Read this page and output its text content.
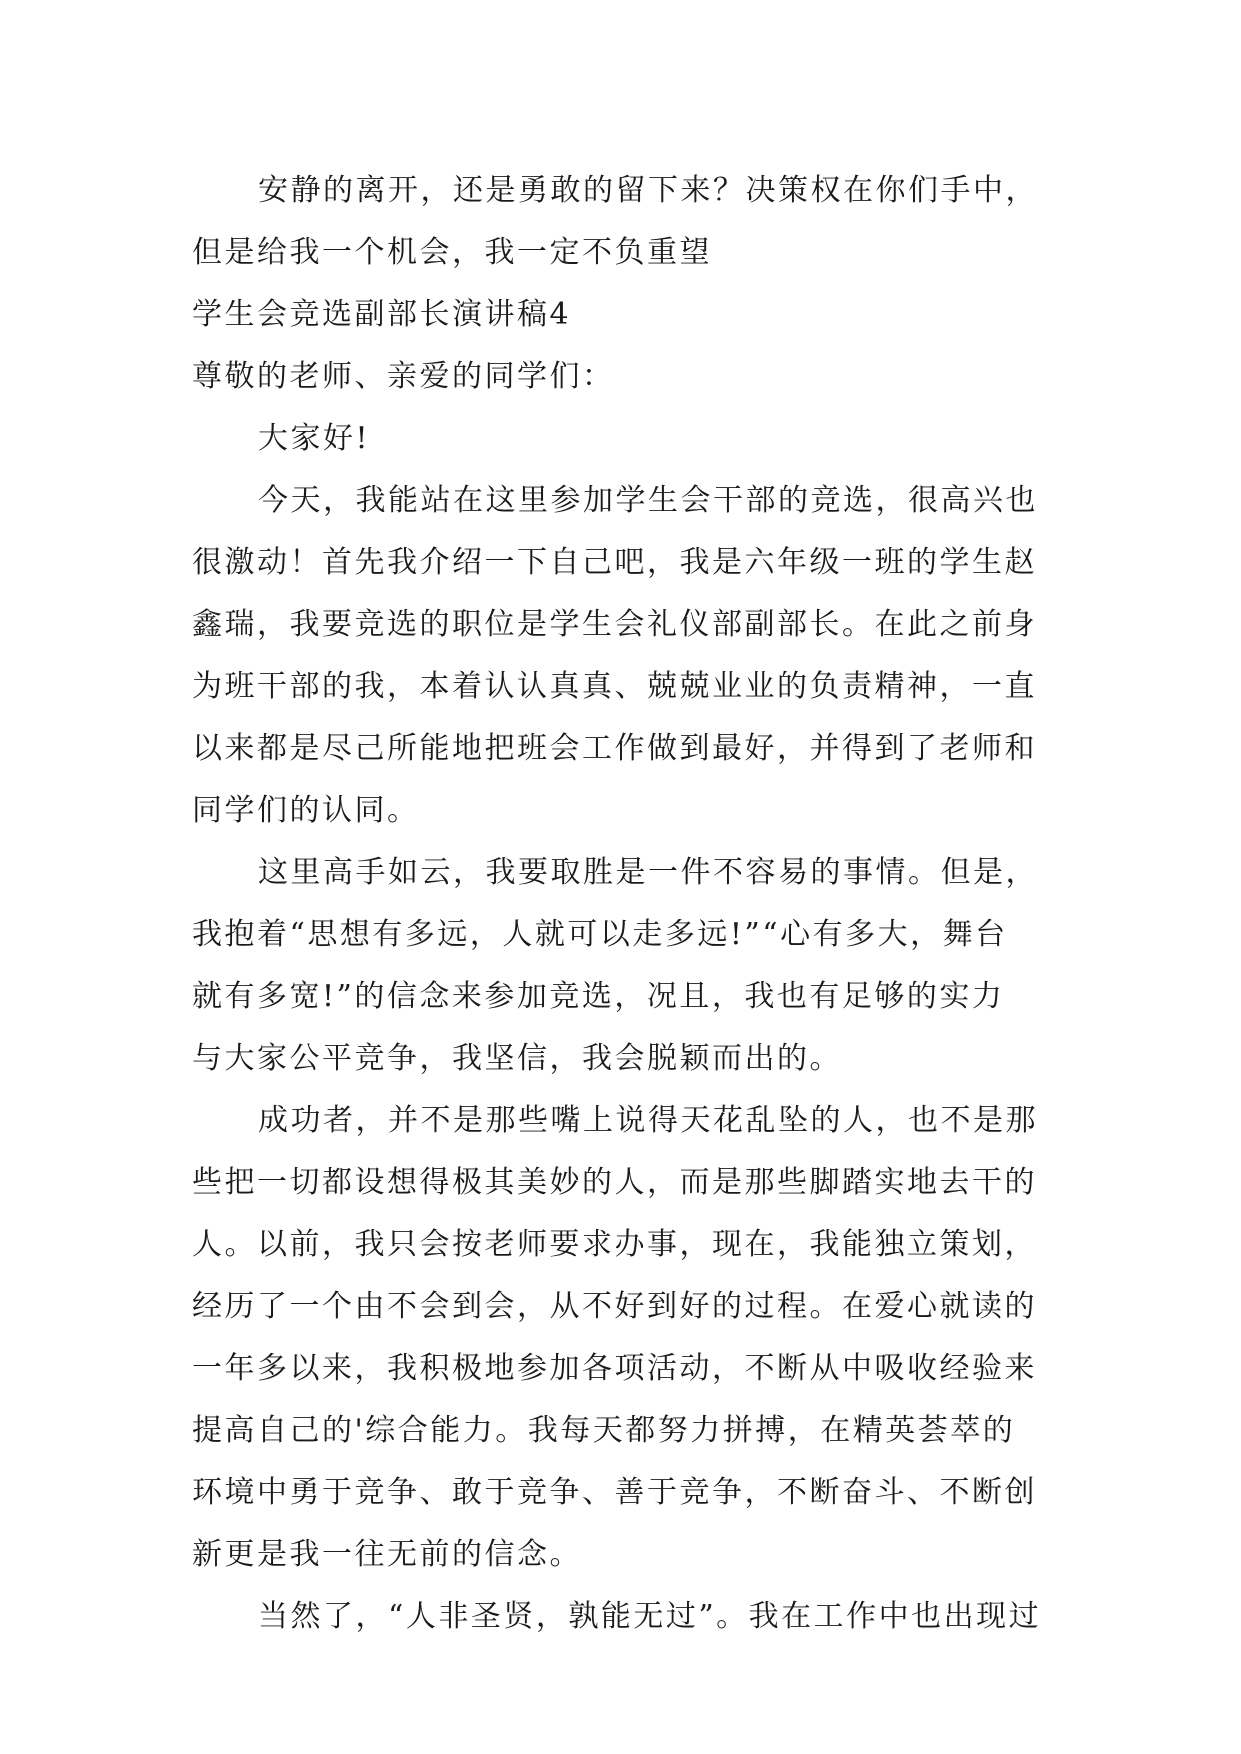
安静的离开，还是勇敢的留下来？决策权在你们手中，
但是给我一个机会，我一定不负重望
学生会竞选副部长演讲稿4
尊敬的老师、亲爱的同学们：
大家好!
今天，我能站在这里参加学生会干部的竞选，很高兴也
很激动！首先我介绍一下自己吧，我是六年级一班的学生赵
鑫瑞，我要竞选的职位是学生会礼仪部副部长。在此之前身
为班干部的我，本着认认真真、兢兢业业的负责精神，一直
以来都是尽己所能地把班会工作做到最好，并得到了老师和
同学们的认同。
这里高手如云，我要取胜是一件不容易的事情。但是，
我抱着“思想有多远，人就可以走多远!”“心有多大，舞台
就有多宽!”的信念来参加竞选，况且，我也有足够的实力
与大家公平竞争，我坚信，我会脱颖而出的。
成功者，并不是那些嘴上说得天花乱坠的人，也不是那
些把一切都设想得极其美妙的人，而是那些脚踏实地去干的
人。以前，我只会按老师要求办事，现在，我能独立策划，
经历了一个由不会到会，从不好到好的过程。在爱心就读的
一年多以来，我积极地参加各项活动，不断从中吸收经验来
提高自己的'综合能力。我每天都努力拼搏，在精英荟萃的
环境中勇于竞争、敢于竞争、善于竞争，不断奋斗、不断创
新更是我一往无前的信念。
当然了，“人非圣贤，孰能无过”。我在工作中也出现过
